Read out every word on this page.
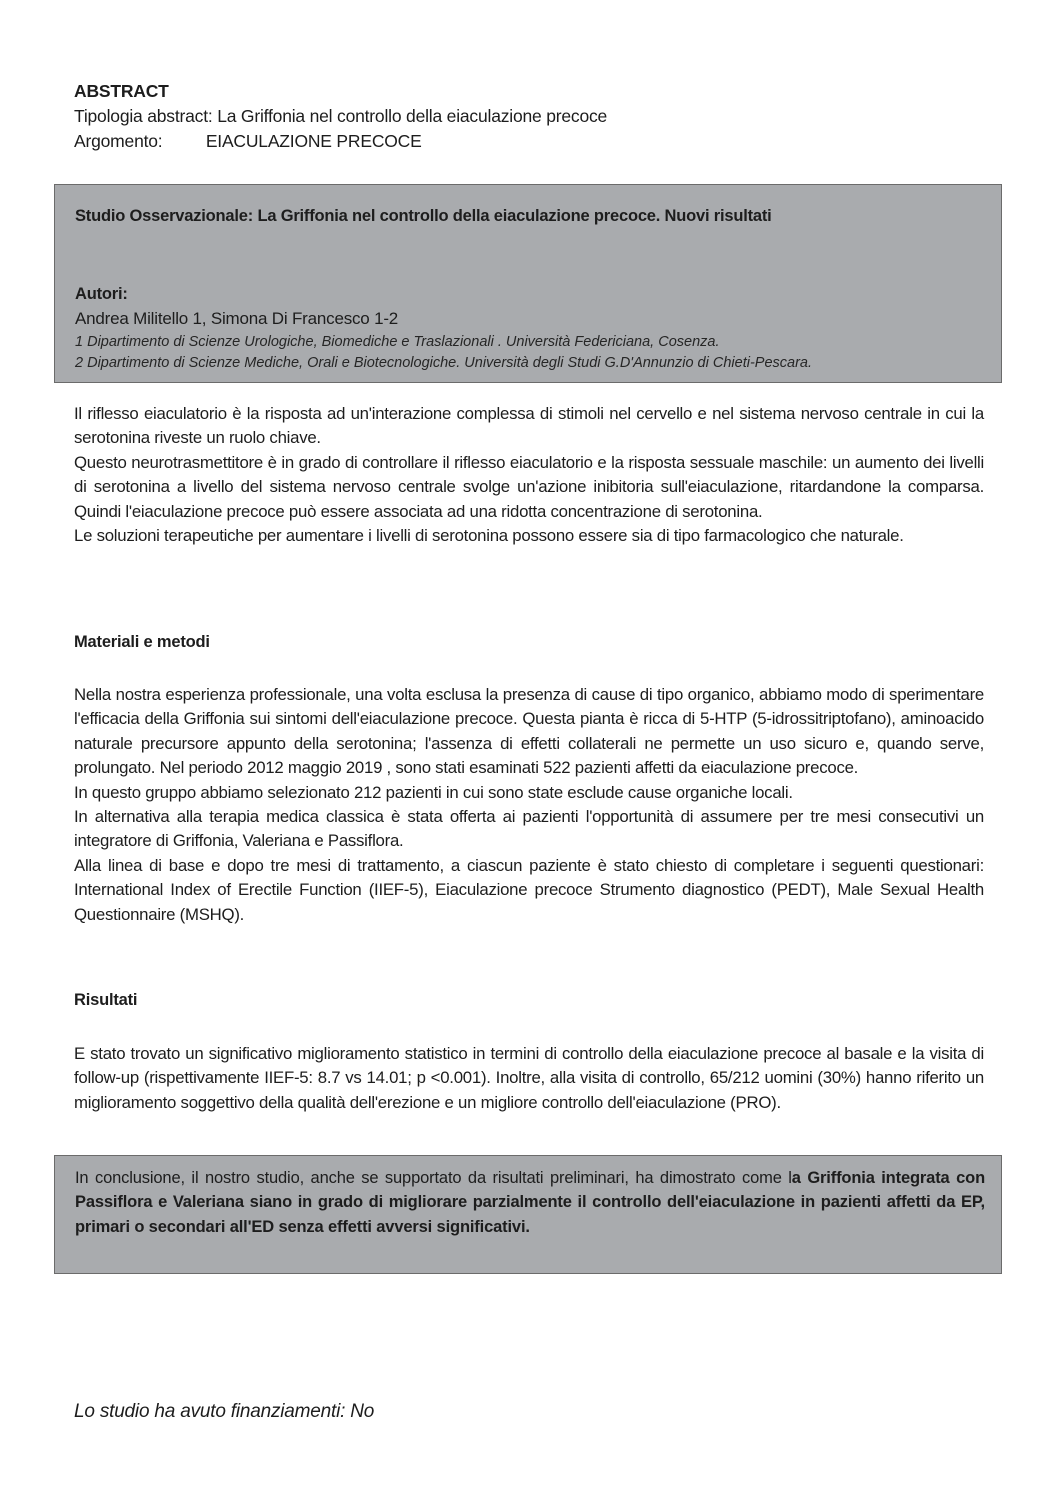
ABSTRACT
Tipologia abstract: La Griffonia nel controllo della eiaculazione precoce
Argomento: EIACULAZIONE PRECOCE
Studio Osservazionale: La Griffonia nel controllo della eiaculazione precoce. Nuovi risultati
Autori:
Andrea Militello 1, Simona Di Francesco 1-2
1 Dipartimento di Scienze Urologiche, Biomediche e Traslazionali . Università Federiciana, Cosenza.
2 Dipartimento di Scienze Mediche, Orali e Biotecnologiche. Università degli Studi G.D'Annunzio di Chieti-Pescara.

Il riflesso eiaculatorio è la risposta ad un'interazione complessa di stimoli nel cervello e nel sistema nervoso centrale in cui la serotonina riveste un ruolo chiave.

Questo neurotrasmettitore è in grado di controllare il riflesso eiaculatorio e la risposta sessuale maschile: un aumento dei livelli di serotonina a livello del sistema nervoso centrale svolge un'azione inibitoria sull'eiaculazione, ritardandone la comparsa. Quindi l'eiaculazione precoce può essere associata ad una ridotta concentrazione di serotonina.

Le soluzioni terapeutiche per aumentare i livelli di serotonina possono essere sia di tipo farmacologico che naturale.

Materiali e metodi

Nella nostra esperienza professionale, una volta esclusa la presenza di cause di tipo organico, abbiamo modo di sperimentare l'efficacia della Griffonia sui sintomi dell'eiaculazione precoce. Questa pianta è ricca di 5-HTP (5-idrossitriptofano), aminoacido naturale precursore appunto della serotonina; l'assenza di effetti collaterali ne permette un uso sicuro e, quando serve, prolungato. Nel periodo 2012 maggio 2019 , sono stati esaminati 522 pazienti affetti da eiaculazione precoce.

In questo gruppo abbiamo selezionato 212 pazienti in cui sono state esclude cause organiche locali.

In alternativa alla terapia medica classica è stata offerta ai pazienti l'opportunità di assumere per tre mesi consecutivi un integratore di Griffonia, Valeriana e Passiflora.

Alla linea di base e dopo tre mesi di trattamento, a ciascun paziente è stato chiesto di completare i seguenti questionari: International Index of Erectile Function (IIEF-5), Eiaculazione precoce Strumento diagnostico (PEDT), Male Sexual Health Questionnaire (MSHQ).

Risultati

E stato trovato un significativo miglioramento statistico in termini di controllo della eiaculazione precoce al basale e la visita di follow-up (rispettivamente IIEF-5: 8.7 vs 14.01; p <0.001). Inoltre, alla visita di controllo, 65/212 uomini (30%) hanno riferito un miglioramento soggettivo della qualità dell'erezione e un migliore controllo dell'eiaculazione (PRO).

In conclusione, il nostro studio, anche se supportato da risultati preliminari, ha dimostrato come la Griffonia integrata con Passiflora e Valeriana siano in grado di migliorare parzialmente il controllo dell'eiaculazione in pazienti affetti da EP, primari o secondari all'ED senza effetti avversi significativi.
Lo studio ha avuto finanziamenti: No
